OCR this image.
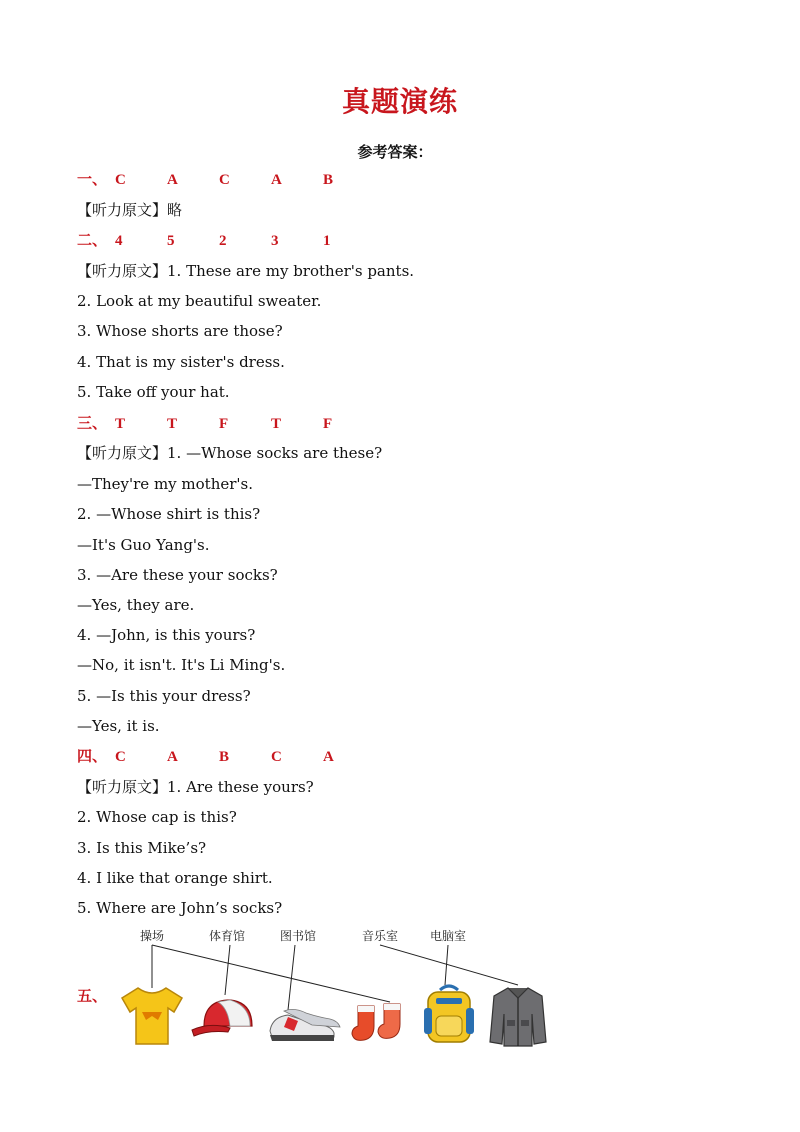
真题演练
参考答案：
一、 C	A	C	A	B
【听力原文】略
二、 4	5	2	3	1
【听力原文】1. These are my brother's pants.
2. Look at my beautiful sweater.
3. Whose shorts are those?
4. That is my sister's dress.
5. Take off your hat.
三、 T	T	F	T	F
【听力原文】1. —Whose socks are these?
—They're my mother's.
2. —Whose shirt is this?
—It's Guo Yang's.
3. —Are these your socks?
—Yes, they are.
4. —John, is this yours?
—No, it isn't. It's Li Ming's.
5. —Is this your dress?
—Yes, it is.
四、 C	A	B	C	A
【听力原文】1. Are these yours?
2. Whose cap is this?
3. Is this Mike’s?
4. I like that orange shirt.
5. Where are John’s socks?
五、
操场	体育馆	图书馆	音乐室	电脑室
